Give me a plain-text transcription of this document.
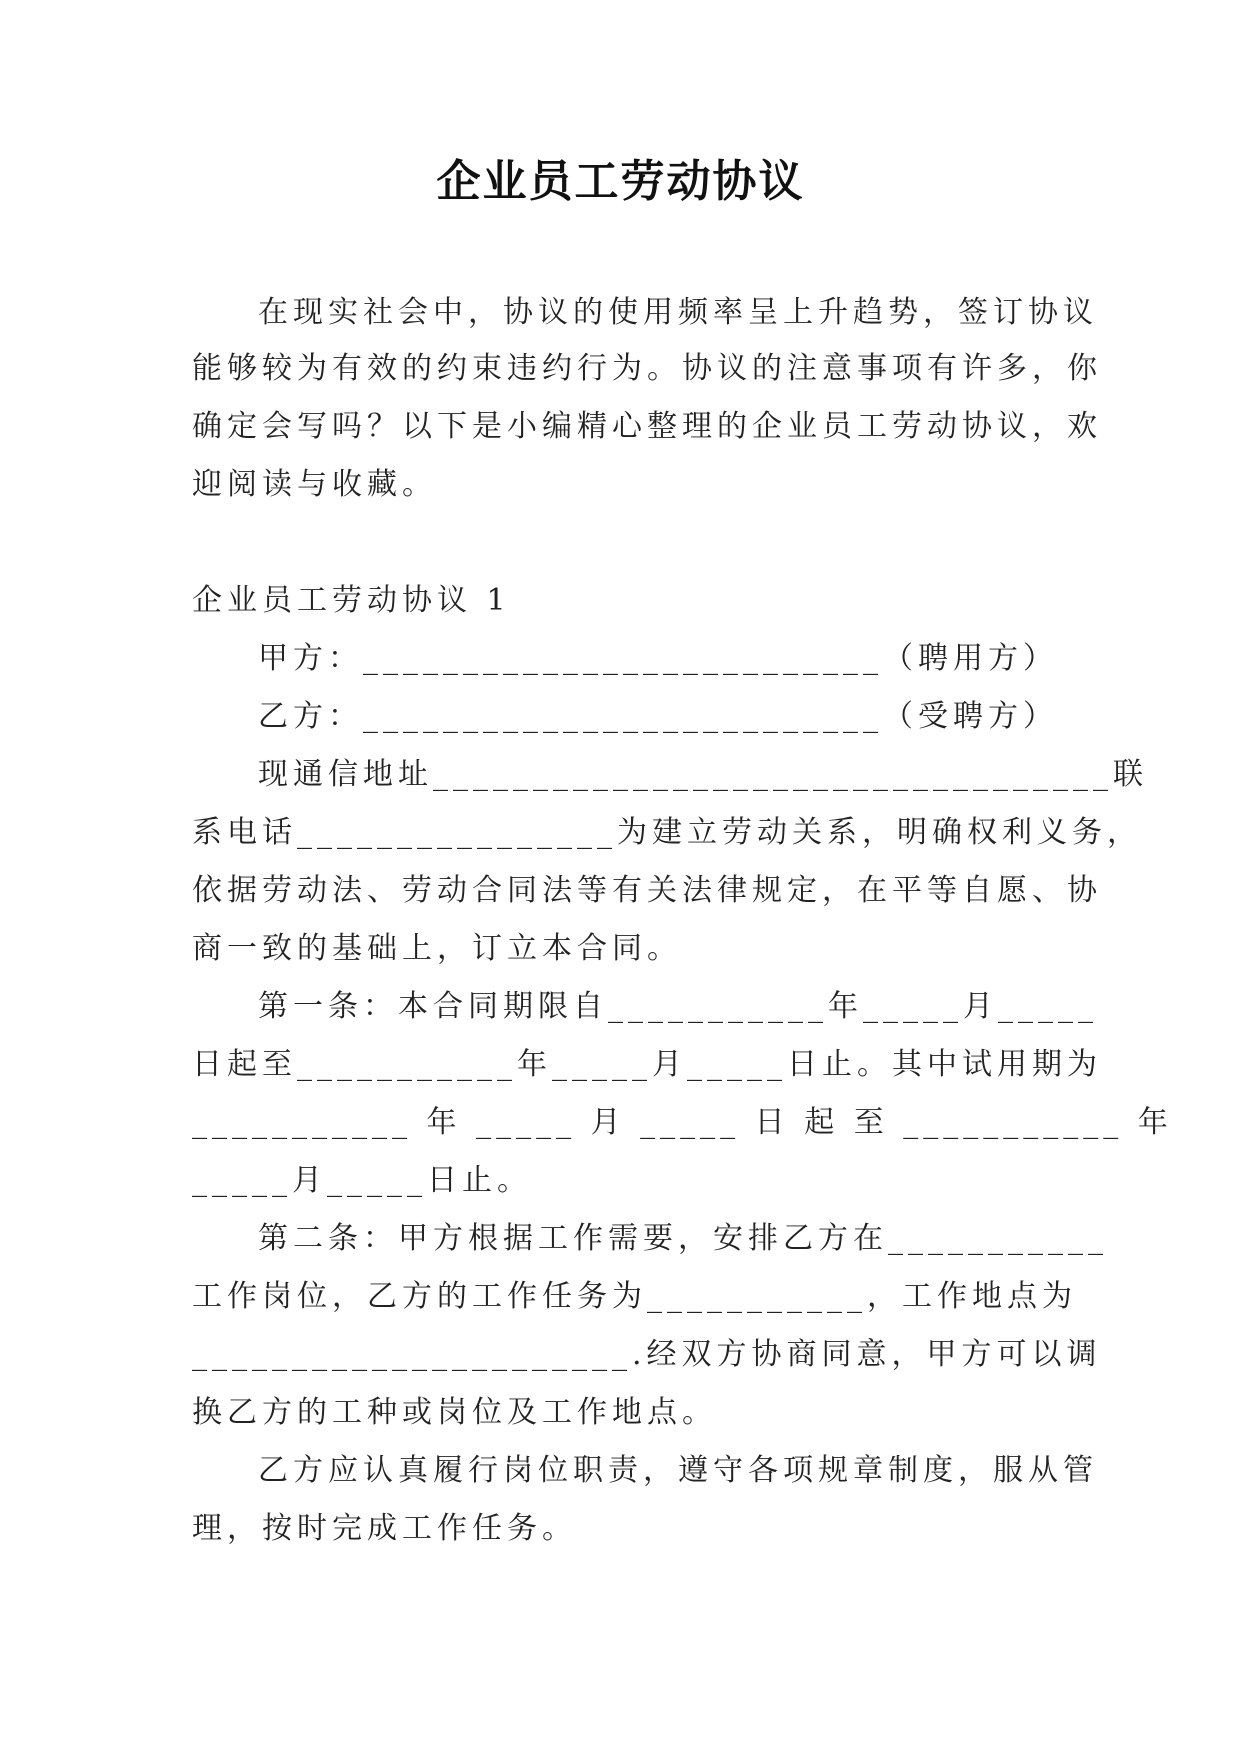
企业员工劳动协议
在现实社会中，协议的使用频率呈上升趋势，签订协议
能够较为有效的约束违约行为。协议的注意事项有许多，你
确定会写吗？以下是小编精心整理的企业员工劳动协议，欢
迎阅读与收藏。
企业员工劳动协议 1
甲方：__________________________（聘用方）
乙方：__________________________（受聘方）
现通信地址__________________________________联
系电话________________为建立劳动关系，明确权利义务，
依据劳动法、劳动合同法等有关法律规定，在平等自愿、协
商一致的基础上，订立本合同。
第一条：本合同期限自___________年_____月_____
日起至___________年_____月_____日止。其中试用期为
___________ 年 _____ 月 _____ 日 起 至 ___________ 年
_____月_____日止。
第二条：甲方根据工作需要，安排乙方在___________
工作岗位，乙方的工作任务为___________，工作地点为
______________________.经双方协商同意，甲方可以调
换乙方的工种或岗位及工作地点。
乙方应认真履行岗位职责，遵守各项规章制度，服从管
理，按时完成工作任务。
